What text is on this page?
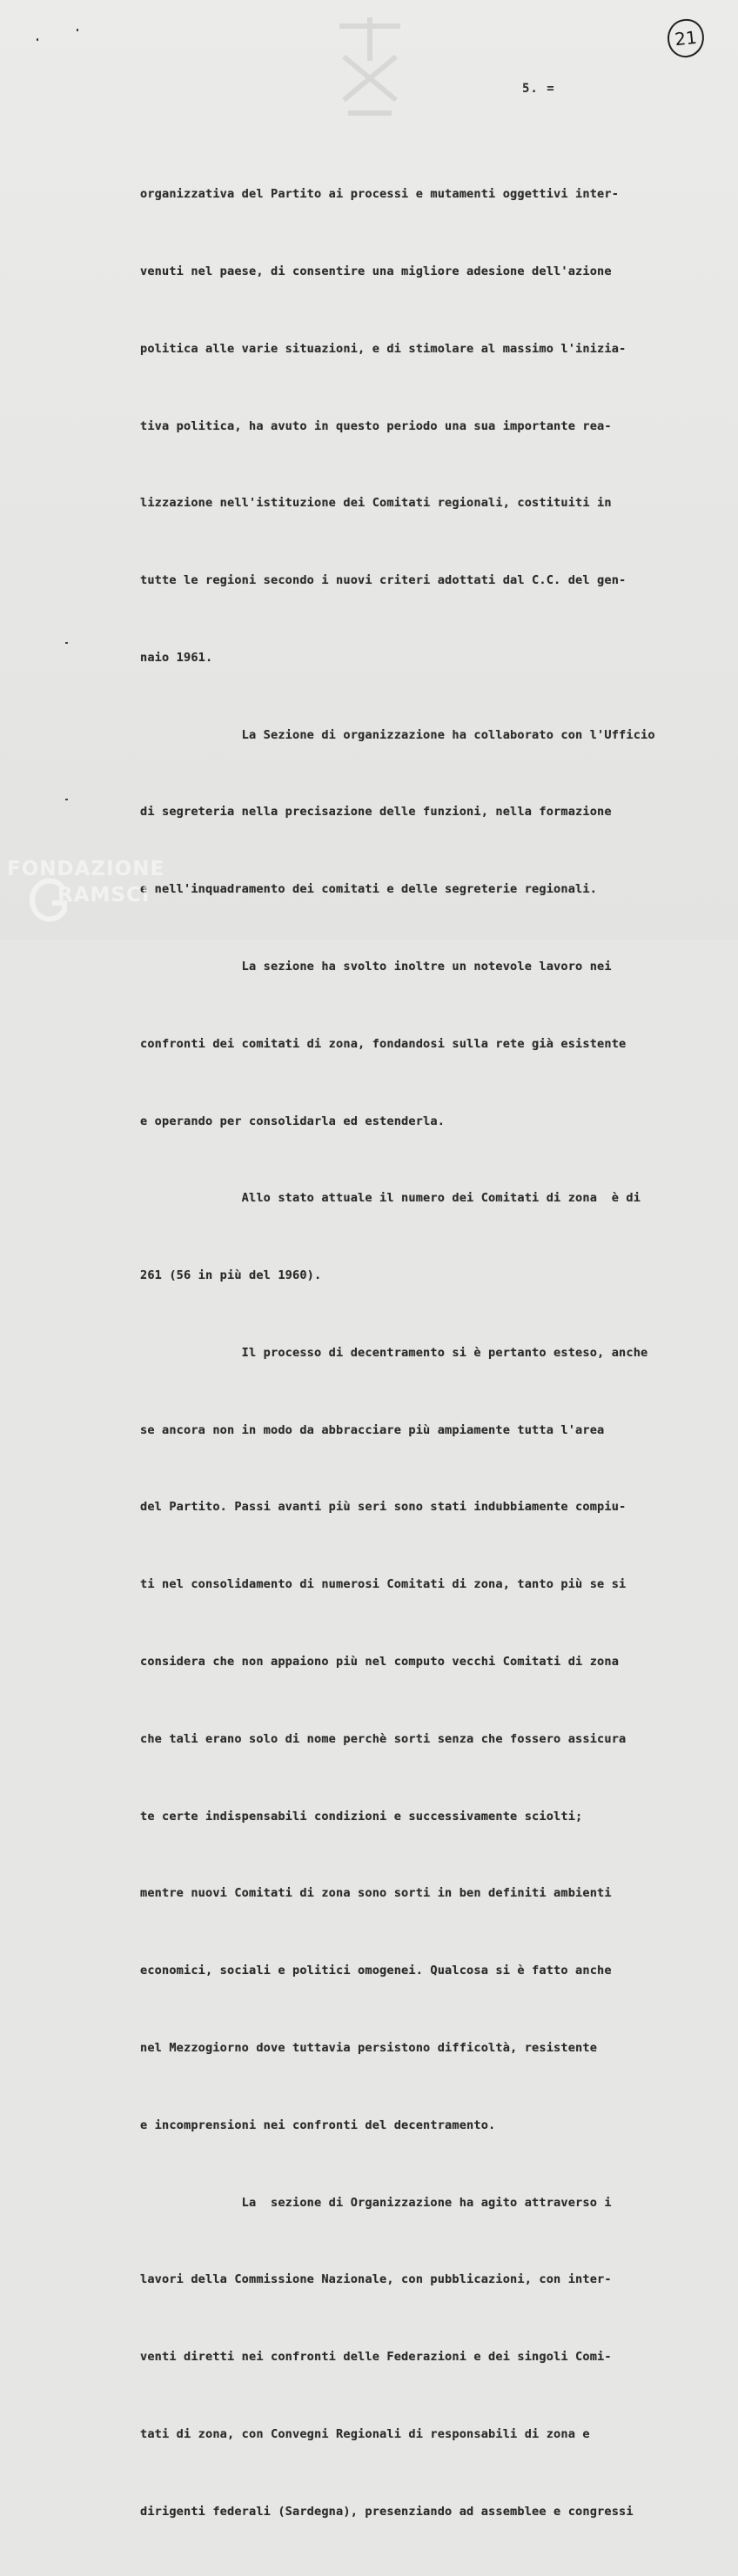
21
5. =

organizzativa del Partito ai processi e mutamenti oggettivi inter-

venuti nel paese, di consentire una migliore adesione dell'azione

politica alle varie situazioni, e di stimolare al massimo l'inizia-

tiva politica, ha avuto in questo periodo una sua importante rea-

lizzazione nell'istituzione dei Comitati regionali, costituiti in

tutte le regioni secondo i nuovi criteri adottati dal C.C. del gen-

naio 1961.

La Sezione di organizzazione ha collaborato con l'Ufficio

di segreteria nella precisazione delle funzioni, nella formazione

e nell'inquadramento dei comitati e delle segreterie regionali.

La sezione ha svolto inoltre un notevole lavoro nei

confronti dei comitati di zona, fondandosi sulla rete già esistente

e operando per consolidarla ed estenderla.

Allo stato attuale il numero dei Comitati di zona  è di

261 (56 in più del 1960).

Il processo di decentramento si è pertanto esteso, anche

se ancora non in modo da abbracciare più ampiamente tutta l'area

del Partito. Passi avanti più seri sono stati indubbiamente compiu-

ti nel consolidamento di numerosi Comitati di zona, tanto più se si

considera che non appaiono più nel computo vecchi Comitati di zona

che tali erano solo di nome perchè sorti senza che fossero assicura

te certe indispensabili condizioni e successivamente sciolti;

mentre nuovi Comitati di zona sono sorti in ben definiti ambienti

economici, sociali e politici omogenei. Qualcosa si è fatto anche

nel Mezzogiorno dove tuttavia persistono difficoltà, resistente

e incomprensioni nei confronti del decentramento.

La  sezione di Organizzazione ha agito attraverso i

lavori della Commissione Nazionale, con pubblicazioni, con inter-

venti diretti nei confronti delle Federazioni e dei singoli Comi-

tati di zona, con Convegni Regionali di responsabili di zona e

dirigenti federali (Sardegna), presenziando ad assemblee e congressi

FONDAZIONE
RAMSCI
